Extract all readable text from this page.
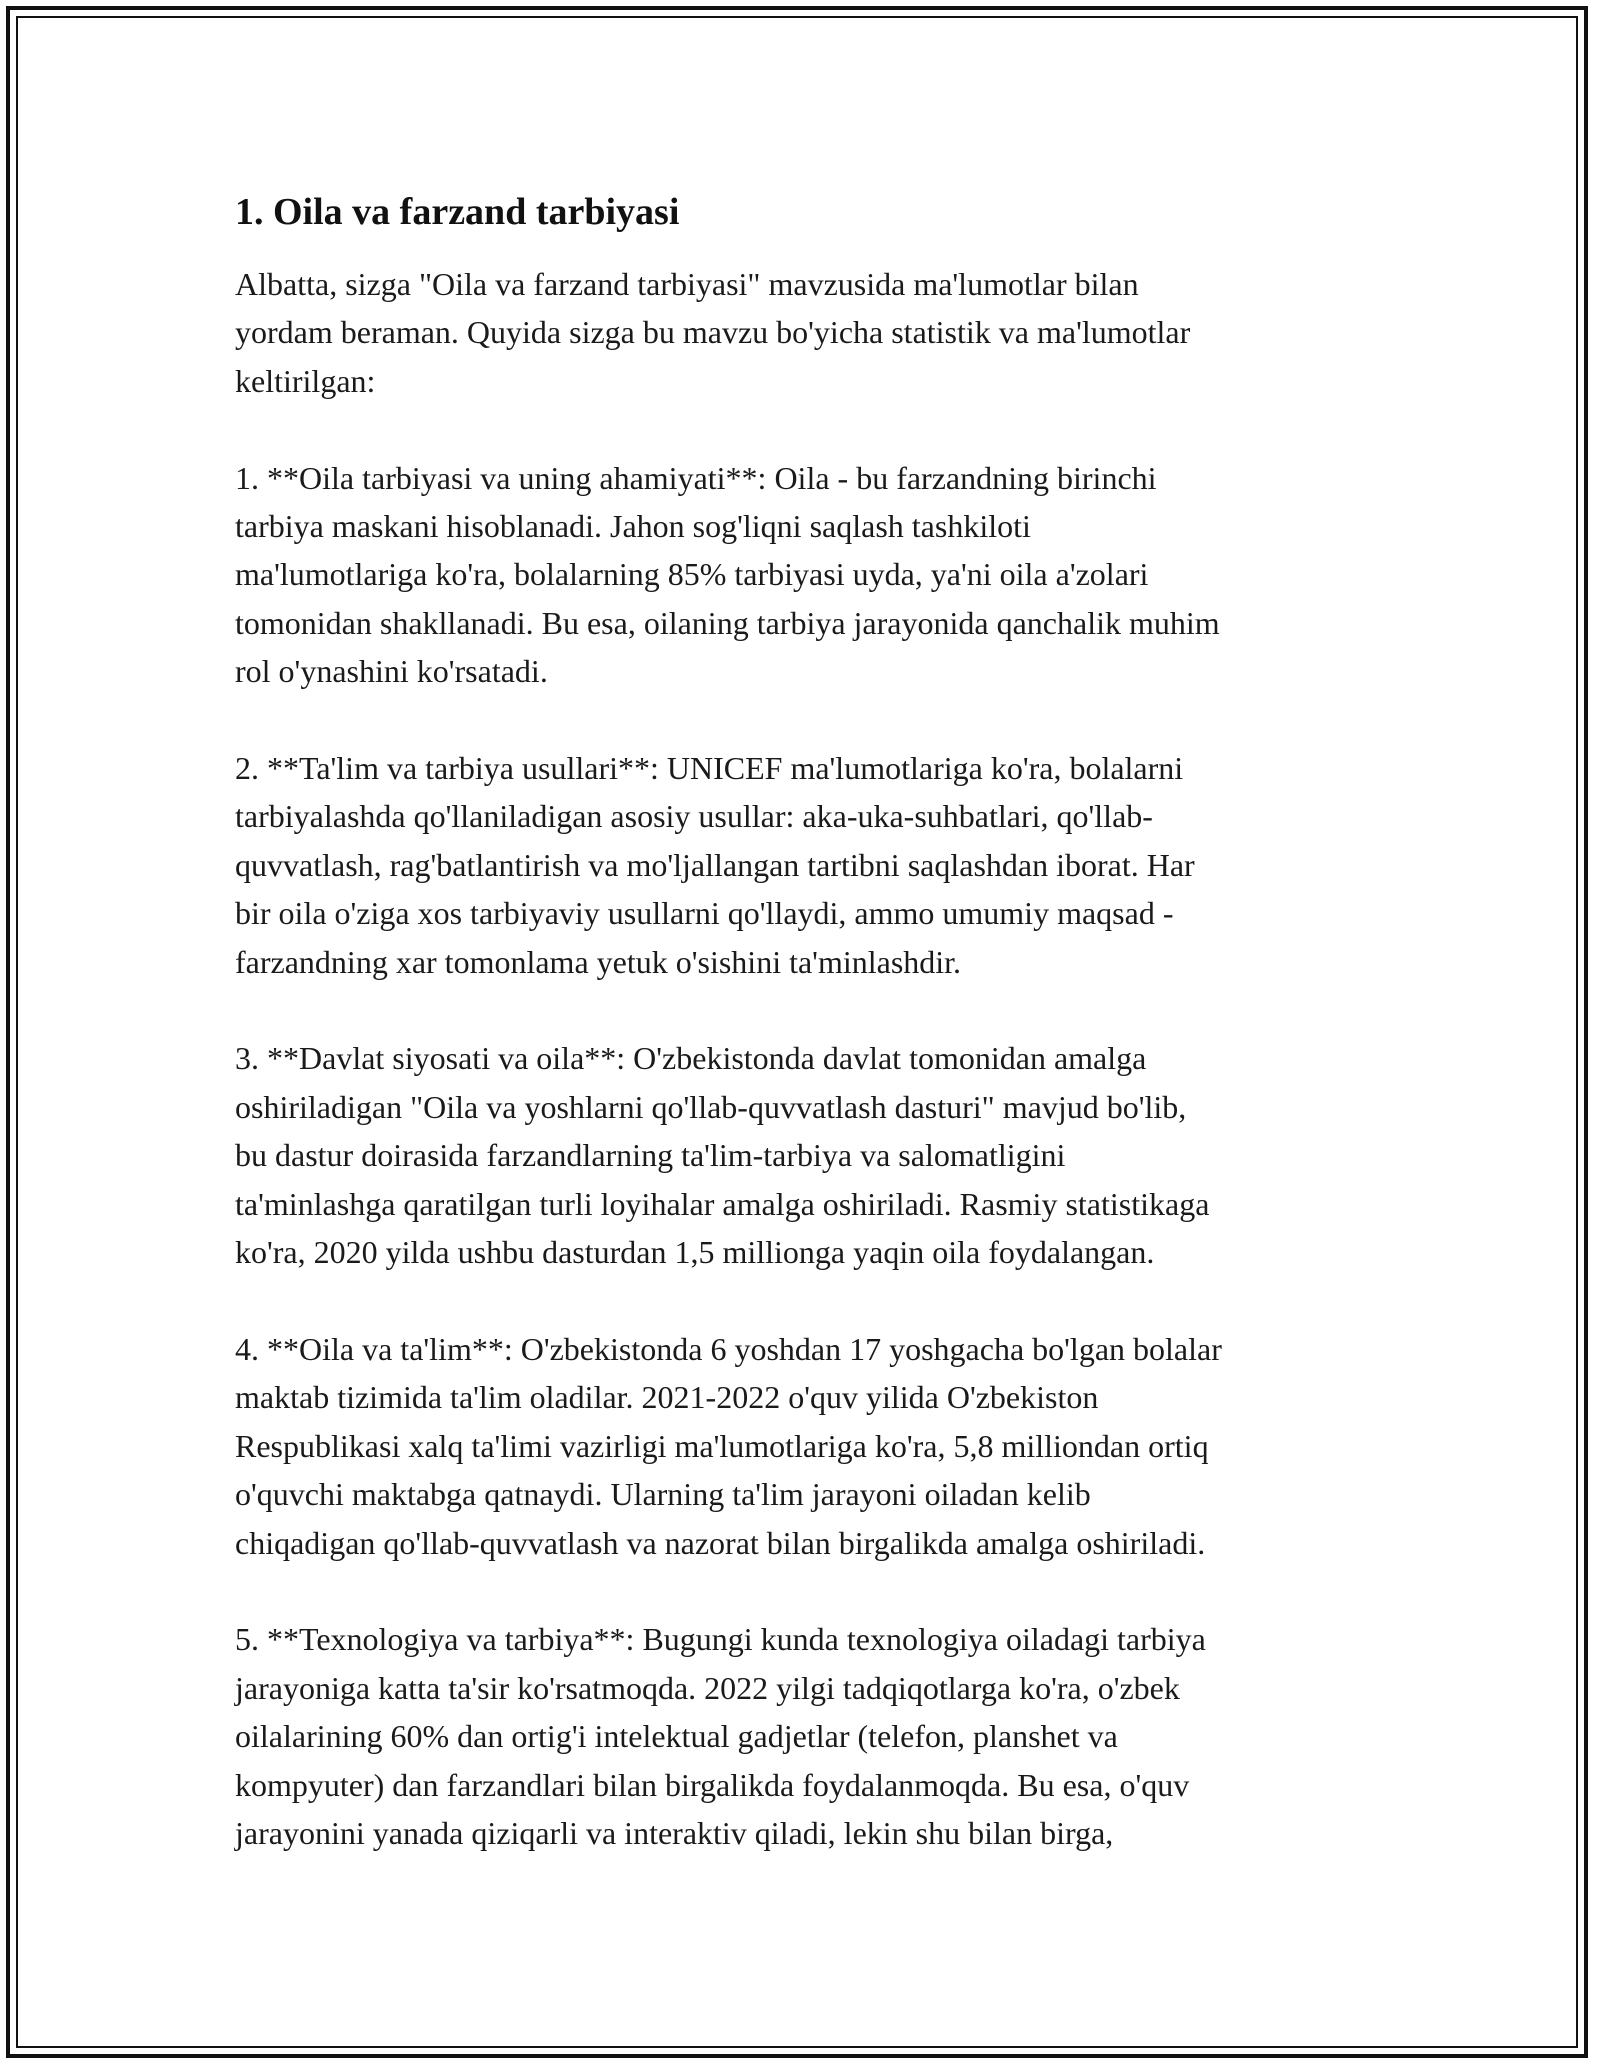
1. Oila va farzand tarbiyasi

Albatta, sizga "Oila va farzand tarbiyasi" mavzusida ma'lumotlar bilan
yordam beraman. Quyida sizga bu mavzu bo'yicha statistik va ma'lumotlar
keltirilgan:

1. **Oila tarbiyasi va uning ahamiyati**: Oila - bu farzandning birinchi
tarbiya maskani hisoblanadi. Jahon sog'liqni saqlash tashkiloti
ma'lumotlariga ko'ra, bolalarning 85% tarbiyasi uyda, ya'ni oila a'zolari
tomonidan shakllanadi. Bu esa, oilaning tarbiya jarayonida qanchalik muhim
rol o'ynashini ko'rsatadi.

2. **Ta'lim va tarbiya usullari**: UNICEF ma'lumotlariga ko'ra, bolalarni
tarbiyalashda qo'llaniladigan asosiy usullar: aka-uka-suhbatlari, qo'llab-
quvvatlash, rag'batlantirish va mo'ljallangan tartibni saqlashdan iborat. Har
bir oila o'ziga xos tarbiyaviy usullarni qo'llaydi, ammo umumiy maqsad -
farzandning xar tomonlama yetuk o'sishini ta'minlashdir.

3. **Davlat siyosati va oila**: O'zbekistonda davlat tomonidan amalga
oshiriladigan "Oila va yoshlarni qo'llab-quvvatlash dasturi" mavjud bo'lib,
bu dastur doirasida farzandlarning ta'lim-tarbiya va salomatligini
ta'minlashga qaratilgan turli loyihalar amalga oshiriladi. Rasmiy statistikaga
ko'ra, 2020 yilda ushbu dasturdan 1,5 millionga yaqin oila foydalangan.

4. **Oila va ta'lim**: O'zbekistonda 6 yoshdan 17 yoshgacha bo'lgan bolalar
maktab tizimida ta'lim oladilar. 2021-2022 o'quv yilida O'zbekiston
Respublikasi xalq ta'limi vazirligi ma'lumotlariga ko'ra, 5,8 milliondan ortiq
o'quvchi maktabga qatnaydi. Ularning ta'lim jarayoni oiladan kelib
chiqadigan qo'llab-quvvatlash va nazorat bilan birgalikda amalga oshiriladi.

5. **Texnologiya va tarbiya**: Bugungi kunda texnologiya oiladagi tarbiya
jarayoniga katta ta'sir ko'rsatmoqda. 2022 yilgi tadqiqotlarga ko'ra, o'zbek
oilalarining 60% dan ortig'i intelektual gadjetlar (telefon, planshet va
kompyuter) dan farzandlari bilan birgalikda foydalanmoqda. Bu esa, o'quv
jarayonini yanada qiziqarli va interaktiv qiladi, lekin shu bilan birga,
